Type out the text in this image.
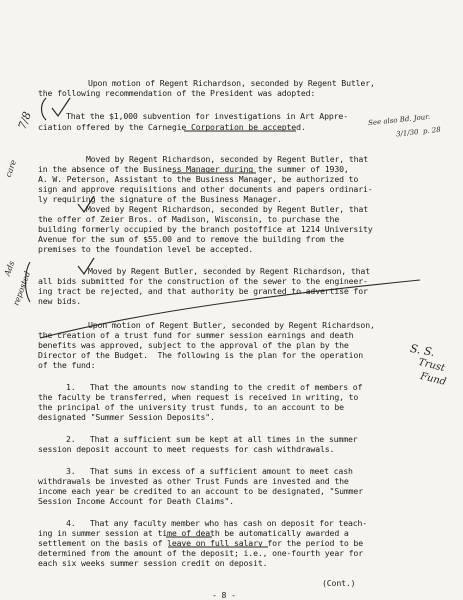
Upon motion of Regent Richardson, seconded by Regent Butler,
the following recommendation of the President was adopted:
That the $1,000 subvention for investigations in Art Appre-
ciation offered by the Carnegie Corporation be accepted.
Moved by Regent Richardson, seconded by Regent Butler, that
in the absence of the Business Manager during the summer of 1930,
A. W. Peterson, Assistant to the Business Manager, be authorized to
sign and approve requisitions and other documents and papers ordinari-
ly requiring the signature of the Business Manager.
Moved by Regent Richardson, seconded by Regent Butler, that
the offer of Zeier Bros. of Madison, Wisconsin, to purchase the
building formerly occupied by the branch postoffice at 1214 University
Avenue for the sum of $55.00 and to remove the building from the
premises to the foundation level be accepted.
Moved by Regent Butler, seconded by Regent Richardson, that
all bids submitted for the construction of the sewer to the engineer-
ing tract be rejected, and that authority be granted to advertise for
new bids.
Upon motion of Regent Butler, seconded by Regent Richardson,
the creation of a trust fund for summer session earnings and death
benefits was approved, subject to the approval of the plan by the
Director of the Budget.  The following is the plan for the operation
of the fund:
1.   That the amounts now standing to the credit of members of
the faculty be transferred, when request is received in writing, to
the principal of the university trust funds, to an account to be
designated "Summer Session Deposits".
2.   That a sufficient sum be kept at all times in the summer
session deposit account to meet requests for cash withdrawals.
3.   That sums in excess of a sufficient amount to meet cash
withdrawals be invested as other Trust Funds are invested and the
income each year be credited to an account to be designated, "Summer
Session Income Account for Death Claims".
4.   That any faculty member who has cash on deposit for teach-
ing in summer session at time of death be automatically awarded a
settlement on the basis of leave on full salary for the period to be
determined from the amount of the deposit; i.e., one-fourth year for
each six weeks summer session credit on deposit.
(Cont.)
- 8 -
7/8	See also Bd. Jour.
3/1/30  p. 28
care
Ads
reposted
S. S.
Trust
Fund
